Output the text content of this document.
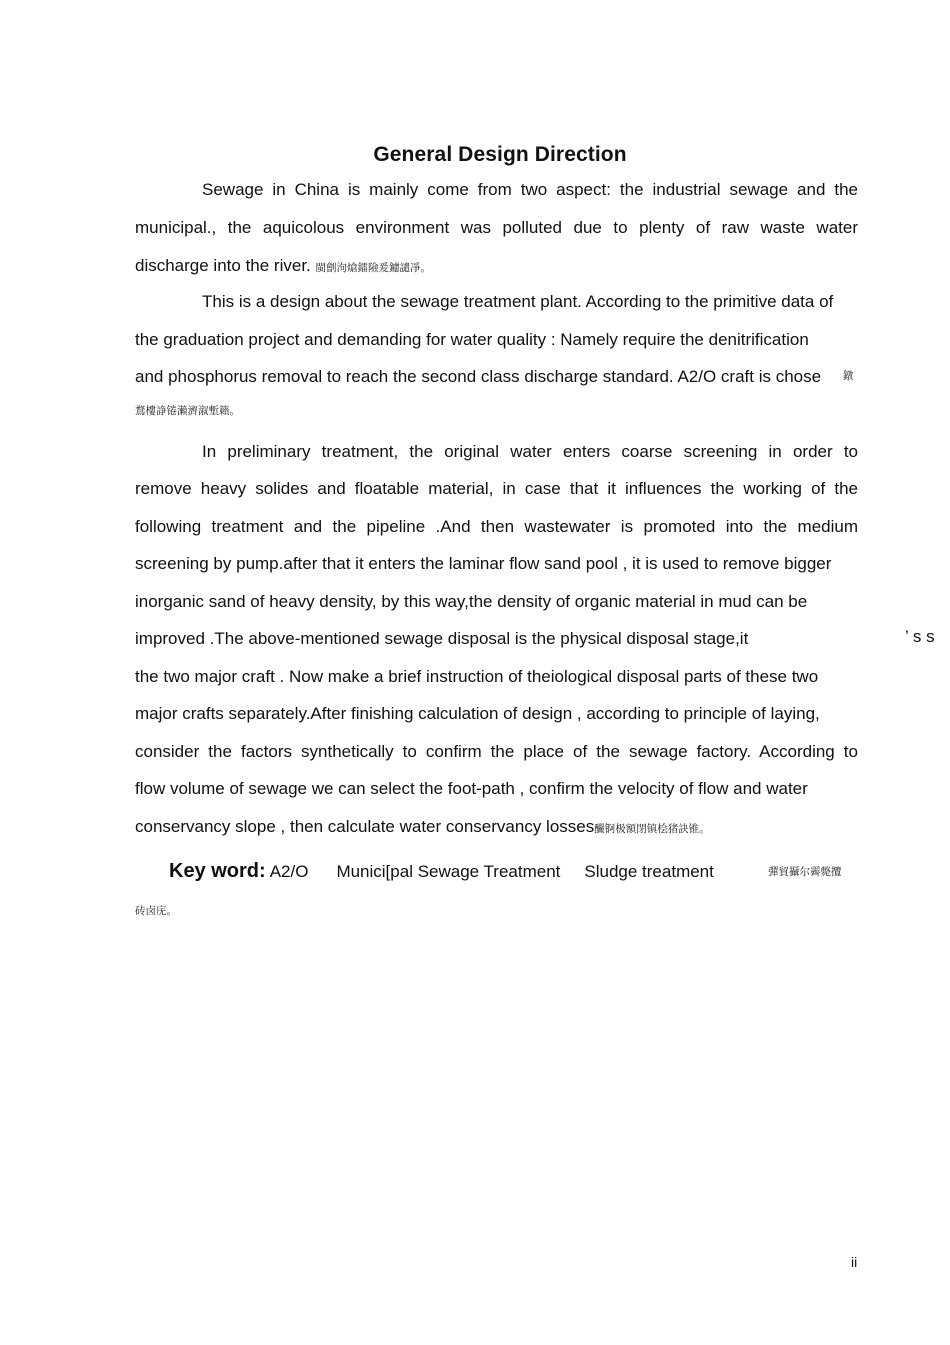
General Design Direction
Sewage in China is mainly come from two aspect: the industrial sewage and the
municipal., the aquicolous environment was polluted due to plenty of raw waste water
discharge into the river. 閩劊泃熗鐳險爰鑢譴凈。
This is a design about the sewage treatment plant. According to the primitive data of
the graduation project and demanding for water quality : Namely require the denitrification
and phosphorus removal to reach the second class discharge standard. A2/O craft is chose 鐓
鶩樓諍锩瀨濟溆塹籟。
In preliminary treatment, the original water enters coarse screening in order to
remove heavy solides and floatable material, in case that it influences the working of the
following treatment and the pipeline .And then wastewater is promoted into the medium
screening by pump.after that it enters the laminar flow sand pool , it is used to remove bigger
inorganic sand of heavy density, by this way,the density of organic material in mud can be
improved .The above-mentioned sewage disposal is the physical disposal stage,it	’ s s
the two major craft . Now make a brief instruction of theiological disposal parts of these two
major crafts separately.After finishing calculation of design , according to principle of laying,
consider the factors synthetically to confirm the place of the sewage factory. According to
flow volume of sewage we can select the foot-path , confirm the velocity of flow and water
conservancy slope , then calculate water conservancy losses釅锕极額閉镇桧猪訣锥。
Key word: A2/O Munici[pal Sewage Treatment Sludge treatment	彈貿攝尔霽斃攬
砖卤庑。
ii
